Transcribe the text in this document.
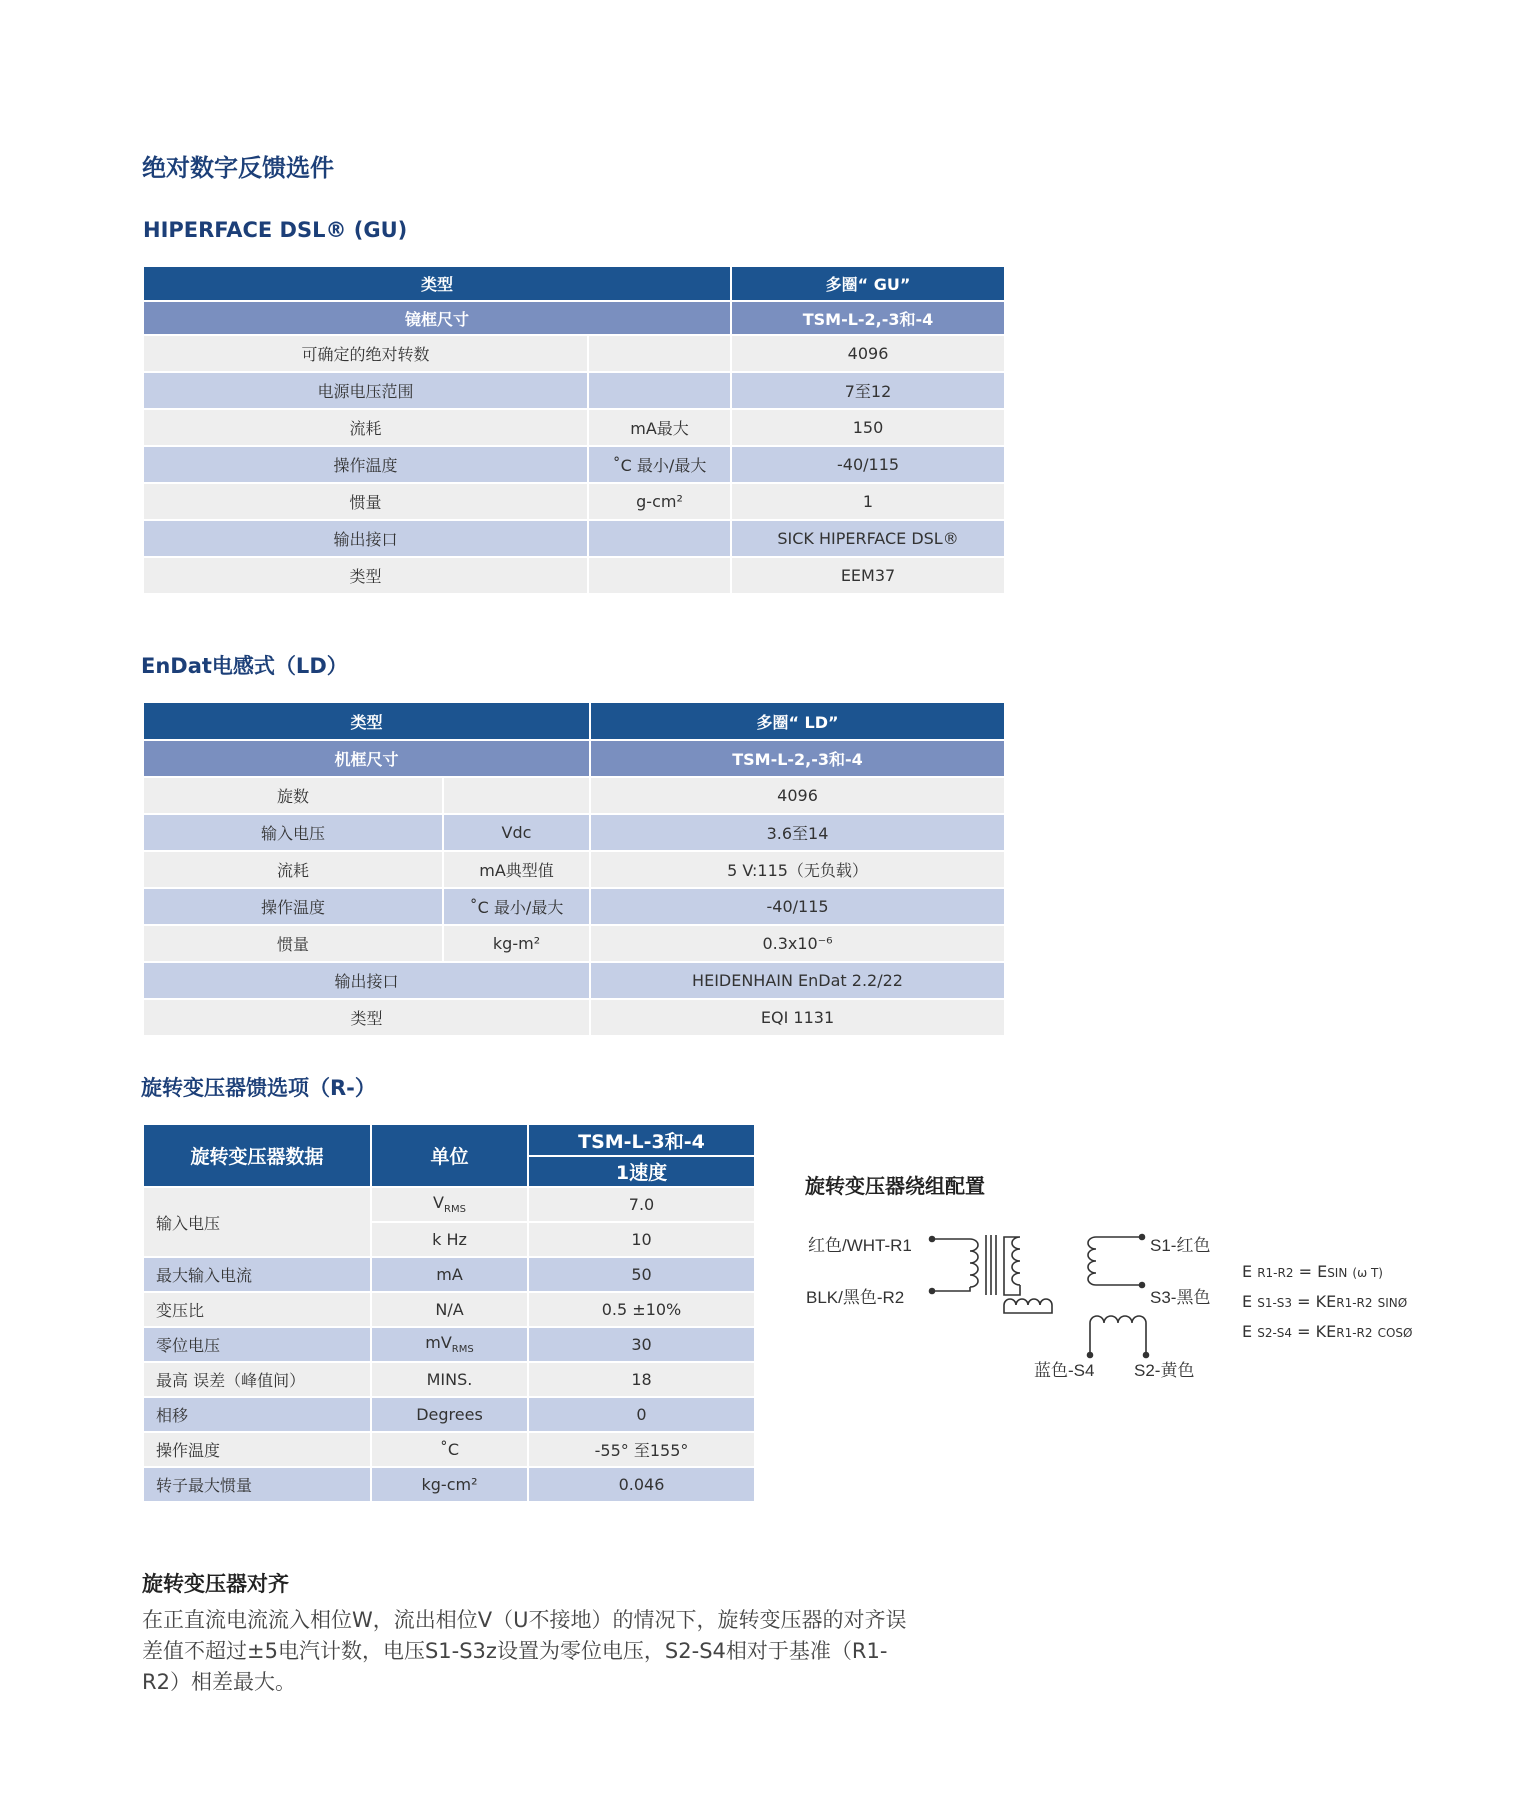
绝对数字反馈选件
HIPERFACE DSL® (GU)
类型		多圈“ GU”
镜框尺寸		TSM-L-2,-3和-4
可确定的绝对转数		4096
电源电压范围		7至12
流耗	mA最大	150
操作温度	˚C 最小/最大	-40/115
惯量	g-cm²	1
输出接口		SICK HIPERFACE DSL®
类型		EEM37
EnDat电感式（LD）
类型		多圈“ LD”
机框尺寸		TSM-L-2,-3和-4
旋数		4096
输入电压	Vdc	3.6至14
流耗	mA典型值	5 V:115（无负载）
操作温度	˚C 最小/最大	-40/115
惯量	kg-m²	0.3x10⁻⁶
输出接口		HEIDENHAIN EnDat 2.2/22
类型		EQI 1131
旋转变压器馈选项（R-）
旋转变压器数据	单位	TSM-L-3和-4
		1速度
输入电压	$V_{RMS}$	7.0
	k Hz	10
最大输入电流	mA	50
变压比	N/A	0.5 ±10%
零位电压	$mV_{RMS}$	30
最高 误差（峰值间）	MINS.	18
相移	Degrees	0
操作温度	˚C	-55° 至155°
转子最大惯量	kg-cm²	0.046
旋转变压器绕组配置
红色/WHT-R1
BLK/黑色-R2
S1-红色
S3-黑色
蓝色-S4 S2-黄色
E R1-R2 = ESIN (ω T)
E S1-S3 = KER1-R2 SINØ
E S2-S4 = KER1-R2 COSØ
旋转变压器对齐
在正直流电流流入相位W，流出相位V（U不接地）的情况下，旋转变压器的对齐误差值不超过±5电汽计数，电压S1-S3z设置为零位电压，S2-S4相对于基准（R1-R2）相差最大。
